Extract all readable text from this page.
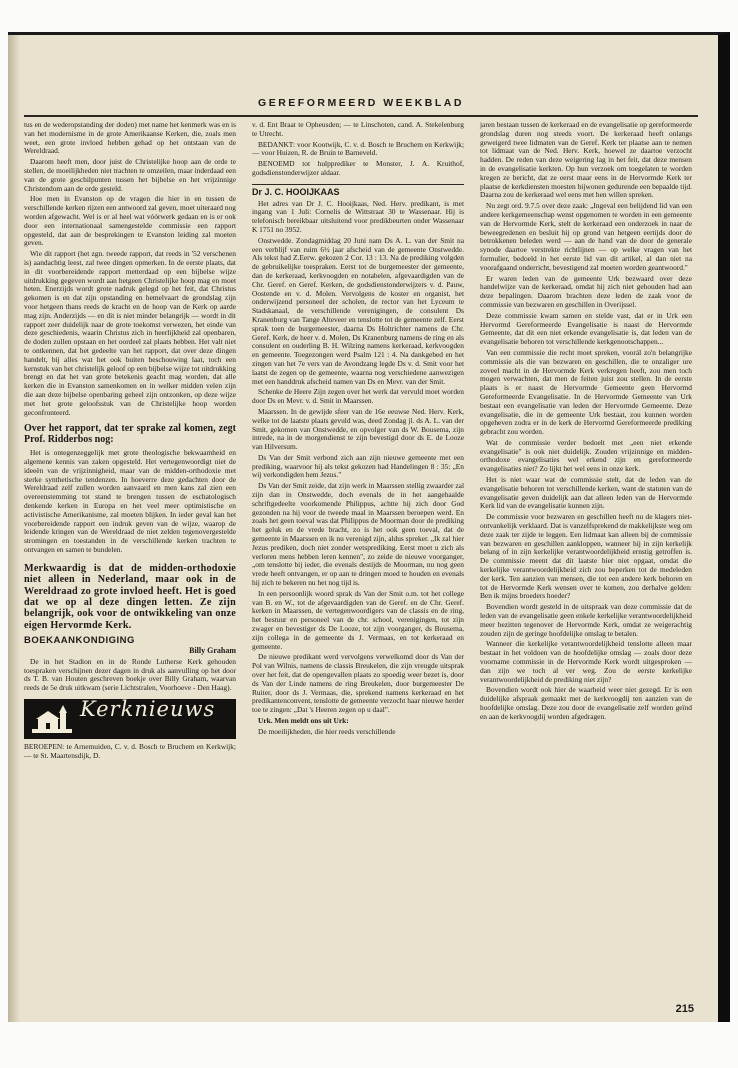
GEREFORMEERD WEEKBLAD

tus en de wederopstanding der doden) met name het kenmerk was en is van het modernisme in de grote Amerikaanse Kerken, die, zoals men weet, een grote invloed hebben gehad op het ontstaan van de Wereldraad.

Daarom heeft men, door juist de Christelijke hoop aan de orde te stellen, de moeilijkheden niet trachten te omzeilen, maar inderdaad een van de grote geschilpunten tussen het bijbelse en het vrijzinnige Christendom aan de orde gesteld.

Hoe men in Evanston op de vragen die hier in en tussen de verschillende kerken rijzen een antwoord zal geven, moet uiteraard nog worden afgewacht. Wel is er al heel wat vóórwerk gedaan en is er ook door een internationaal samengestelde commissie een rapport opgesteld, dat aan de besprekingen te Evanston leiding zal moeten geven.

Wie dit rapport (het zgn. tweede rapport, dat reeds in '52 verschenen is) aandachtig leest, zal twee dingen opmerken. In de eerste plaats, dat in dit voorbereidende rapport metterdaad op een bijbelse wijze uitdrukking gegeven wordt aan hetgeen Christelijke hoop mag en moet heten. Enerzijds wordt grote nadruk gelegd op het feit, dat Christus gekomen is en dat zijn opstanding en hemelvaart de grondslag zijn voor hetgeen thans reeds de kracht en de hoop van de Kerk op aarde mag zijn. Anderzijds — en dit is niet minder belangrijk — wordt in dit rapport zeer duidelijk naar de grote toekomst verwezen, het einde van deze geschiedenis, waarin Christus zich in heerlijkheid zal openbaren, de doden zullen opstaan en het oordeel zal plaats hebben. Het valt niet te ontkennen, dat het gedeelte van het rapport, dat over deze dingen handelt, bij alles wat het ook buiten beschouwing laat, toch een kernstuk van het christelijk geloof op een bijbelse wijze tot uitdrukking brengt en dat het van grote betekenis geacht mag worden, dat alle kerken die in Evanston samenkomen en in welker midden velen zijn die aan deze bijbelse openbaring geheel zijn ontzonken, op deze wijze met het grote geloofsstuk van de Christelijke hoop worden geconfronteerd.

Over het rapport, dat ter sprake zal komen, zegt Prof. Ridderbos nog:

Het is ontegenzeggelijk met grote theologische bekwaamheid en algemene kennis van zaken opgesteld. Het vertegenwoordigt niet de ideeën van de vrijzinnigheid, maar van de midden-orthodoxie met sterke synthetische tendenzen. In hoeverre deze gedachten door de Wereldraad zelf zullen worden aanvaard en men kans zal zien een overeenstemming tot stand te brengen tussen de eschatologisch denkende kerken in Europa en het veel meer optimistische en activistische Amerikanisme, zal moeten blijken. In ieder geval kan het voorbereidende rapport een indruk geven van de wijze, waarop de leidende kringen van de Wereldraad de niet zelden tegenovergestelde stromingen en toestanden in de verschillende kerken trachten te ontvangen en samen te bundelen.

Merkwaardig is dat de midden-orthodoxie niet alleen in Nederland, maar ook in de Wereldraad zo grote invloed heeft. Het is goed dat we op al deze dingen letten. Ze zijn belangrijk, ook voor de ontwikkeling van onze eigen Hervormde Kerk.

BOEKAANKONDIGING
Billy Graham

De in het Stadion en in de Ronde Lutherse Kerk gehouden toespraken verschijnen dezer dagen in druk als aanvulling op het door ds T. B. van Houten geschreven boekje over Billy Graham, waarvan reeds de 5e druk uitkwam (serie Lichtstralen, Voorhoeve - Den Haag).

Kerknieuws

BEROEPEN: te Arnemuiden, C. v. d. Bosch te Bruchem en Kerkwijk; — te St. Maartensdijk, D.

v. d. Ent Braat te Opheusden; — te Linschoten, cand. A. Stekelenburg te Utrecht.

BEDANKT: voor Kootwijk, C. v. d. Bosch te Bruchem en Kerkwijk; — voor Huizen, R. de Bruin te Barneveld.

BENOEMD tot hulpprediker te Monster, J. A. Kruithof, godsdienstonderwijzer aldaar.

Dr J. C. HOOIJKAAS

Het adres van Dr J. C. Hooijkaas, Ned. Herv. predikant, is met ingang van 1 Juli: Cornelis de Wittstraat 30 te Wassenaar. Hij is telefonisch bereikbaar uitsluitend voor predikbeurten onder Wassenaar K 1751 no 3952.

Onstwedde. Zondagmiddag 20 Juni nam Ds A. L. van der Smit na een verblijf van ruim 6½ jaar afscheid van de gemeente Onstwedde. Als tekst had Z.Eerw. gekozen 2 Cor. 13 : 13. Na de prediking volgden de gebruikelijke toespraken. Eerst tot de burgemeester der gemeente, dan de kerkeraad, kerkvoogden en notabelen, afgevaardigden van de Chr. Geref. en Geref. Kerken, de godsdienstonderwijzers v. d. Pauw, Oostende en v. d. Molen. Vervolgens de koster en organist, het onderwijzend personeel der scholen, de rector van het Lyceum te Stadskanaal, de verschillende verenigingen, de consulent Ds Kranenburg van Tange Alteveer en tenslotte tot de gemeente zelf. Eerst sprak toen de burgemeester, daarna Ds Holtrichter namens de Chr. Geref. Kerk, de heer v. d. Molen, Ds Kranenburg namens de ring en als consulent en ouderling B. H. Wilzing namens kerkeraad, kerkvoogden en gemeente. Toegezongen werd Psalm 121 : 4. Na dankgebed en het zingen van het 7e vers van de Avondzang legde Ds v. d. Smit voor het laatst de zegen op de gemeente, waarna nog verschiedene aanwezigen met een handdruk afscheid namen van Ds en Mevr. van der Smit.

Schenke de Heere Zijn zegen over het werk dat vervuld moet worden door Ds en Mevr. v. d. Smit in Maarssen.

Maarssen. In de gewijde sfeer van de 16e eeuwse Ned. Herv. Kerk, welke tot de laatste plaats gevuld was, deed Zondag jl. ds A. L. van der Smit, gekomen van Onstwedde, en opvolger van ds W. Bousema, zijn intrede, na in de morgendienst te zijn bevestigd door ds E. de Looze van Hilversum.

Ds Van der Smit verbond zich aan zijn nieuwe gemeente met een prediking, waarvoor hij als tekst gekozen had Handelingen 8 : 35: „En wij verkondigden hem Jezus."

Ds Van der Smit zeide, dat zijn werk in Maarssen stellig zwaarder zal zijn dan in Onstwedde, doch evenals de in het aangehaalde schriftgedeelte voorkomende Philippus, achtte hij zich door God gezonden na hij voor de tweede maal in Maarssen beroepen werd. En zoals het geen toeval was dat Philippus de Moorman door de prediking het geluk en de vrede bracht, zo is het ook geen toeval, dat de gemeente in Maarssen en ik nu verenigd zijn, aldus spreker. „Ik zal hier Jezus prediken, doch niet zonder wetsprediking. Eerst moet u zich als verloren mens hebben leren kennen", zo zeide de nieuwe voorganger, „om tenslotte bij ieder, die evenals destijds de Moorman, nu nog geen vrede heeft ontvangen, er op aan te dringen moed te houden en evenals hij zich te bekeren nu het nog tijd is.

In een persoonlijk woord sprak ds Van der Smit o.m. tot het college van B. en W., tot de afgevaardigden van de Geref. en de Chr. Geref. kerken in Maarssen, de vertegenwoordigers van de classis en de ring, het bestuur en personeel van de chr. school, verenigingen, tot zijn zwager en bevestiger ds De Looze, tot zijn voorganger, ds Bousema, zijn collega in de gemeente ds J. Vermaas, en tot kerkeraad en gemeente.

De nieuwe predikant werd vervolgens verwelkomd door ds Van der Pol van Wilnis, namens de classis Breukelen, die zijn vreugde uitsprak over het feit, dat de opengevallen plaats zo spoedig weer bezet is, door ds Van der Linde namens de ring Breukelen, door burgemeester De Ruiter, door ds J. Vermaas, die, sprekend namens kerkeraad en het predikantenconvent, tenslotte de gemeente verzocht haar nieuwe herder toe te zingen: „Dat 's Heeren zegen op u daal".

Urk. Men meldt ons uit Urk:

De moeilijkheden, die hier reeds verschillende

jaren bestaan tussen de kerkeraad en de evangelisatie op gereformeerde grondslag duren nog steeds voort. De kerkeraad heeft onlangs geweigerd twee lidmaten van de Geref. Kerk ter plaatse aan te nemen tot lidmaat van de Ned. Herv. Kerk, hoewel ze daartoe verzocht hadden. De reden van deze weigering lag in het feit, dat deze mensen in de evangelisatie kerkten. Op hun verzoek om toegelaten te worden kregen ze bericht, dat ze eerst maar eens in de Hervormde Kerk ter plaatse de kerkdiensten moesten bijwonen gedurende een bepaalde tijd. Daarna zou de kerkeraad wel eens met hen willen spreken.

Nu zegt ord. 9.7.5 over deze zaak: „Ingeval een belijdend lid van een andere kerkgemeenschap wenst opgenomen te worden in een gemeente van de Hervormde Kerk, stelt de kerkeraad een onderzoek in naar de beweegredenen en besluit hij op grond van hetgeen eertijds door de betrokkenen beleden werd — aan de hand van de door de generale synode daartoe verstrekte richtlijnen — op welke vragen van het formulier, bedoeld in het eerste lid van dit artikel, al dan niet na voorafgaand onderricht, bevestigend zal moeten worden geantwoord."

Er waren leden van de gemeente Urk bezwaard over deze handelwijze van de kerkeraad, omdat hij zich niet gehouden had aan deze bepalingen. Daarom brachten deze leden de zaak voor de commissie van bezwaren en geschillen in Overijssel.

Deze commissie kwam samen en stelde vast, dat er in Urk een Hervormd Gereformeerde Evangelisatie is naast de Hervormde Gemeente, dat dit een niet erkende evangelisatie is, dat leden van de evangelisatie behoren tot verschillende kerkgenootschappen...

Van een commissie die recht moet spreken, voorál zo'n belangrijke commissie als die van bezwaren en geschillen, die te onzaliger ure zoveel macht in de Hervormde Kerk verkregen heeft, zou men toch mogen verwachten, dat men de feiten juist zou stellen. In de eerste plaats is er naast de Hervormde Gemeente geen Hervormd Gereformeerde Evangelisatie. In de Hervormde Gemeente van Urk bestaat een evangelisatie van leden der Hervormde Gemeente. Deze evangelisatie, die in de gemeente Urk bestaat, zou kunnen worden opgeheven zodra er in de kerk de Hervormd Gereformeerde prediking gebracht zou worden.

Wat de commissie verder bedoelt met „een niet erkende evangelisatie" is ook niet duidelijk. Zouden vrijzinnige en midden-orthodoxe evangelisaties wel erkend zijn en gereformeerde evangelisaties niet? Zo lijkt het wel eens in onze kerk.

Het is niet waar wat de commissie stelt, dat de leden van de evangelisatie behoren tot verschillende kerken, want de statuten van de evangelisatie geven duidelijk aan dat alleen leden van de Hervormde Kerk lid van de evangelisatie kunnen zijn.

De commissie voor bezwaren en geschillen heeft nu de klagers niet-ontvankelijk verklaard. Dat is vanzelfsprekend de makkelijkste weg om deze zaak ter zijde te leggen. Een lidmaat kan alleen bij de commissie van bezwaren en geschillen aankloppen, wanneer hij in zijn kerkelijk belang of in zijn kerkelijke verantwoordelijkheid ernstig getroffen is. De commissie meent dat dit laatste hier niet opgaat, omdat die kerkelijke verantwoordelijkheid zich zou beperken tot de medeleden der kerk. Ten aanzien van mensen, die tot een andere kerk behoren en tot de Hervormde Kerk wensen over te komen, zou derhalve gelden: Ben ik mijns broeders hoeder?

Bovendien wordt gesteld in de uitspraak van deze commissie dat de leden van de evangelisatie geen enkele kerkelijke verantwoordelijkheid meer bezitten tegenover de Hervormde Kerk, omdat ze weigerachtig zouden zijn de geringe hoofdelijke omslag te betalen.

Wanneer die kerkelijke verantwoordelijkheid tenslotte alleen maar bestaat in het voldoen van de hoofdelijke omslag — zoals door deze voorname commissie in de Hervormde Kerk wordt uitgesproken — dan zijn we toch al ver weg. Zou de eerste kerkelijke verantwoordelijkheid de prediking niet zijn?

Bovendien wordt ook hier de waarheid weer niet gezegd. Er is een duidelijke afspraak gemaakt met de kerkvoogdij ten aanzien van de hoofdelijke omslag. Deze zou door de evangelisatie zelf worden geïnd en aan de kerkvoogdij worden afgedragen.

215
